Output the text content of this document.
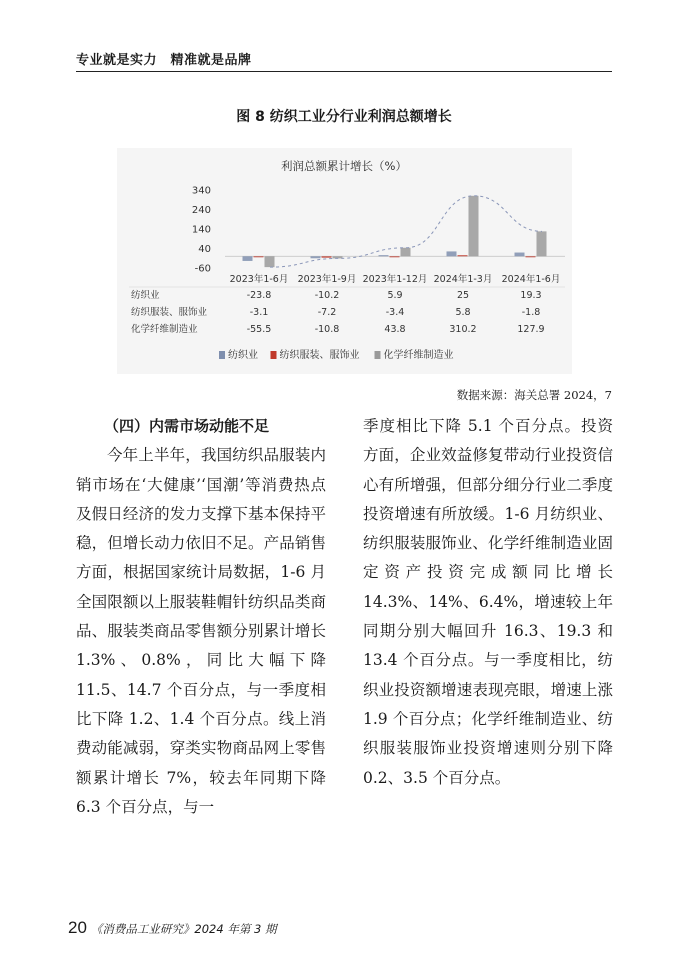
专业就是实力　精准就是品牌
图 8 纺织工业分行业利润总额增长
利润总额累计增长（%）
340
240
140
40
-60
2023年1-6月 2023年1-9月 2023年1-12月 2024年1-3月 2024年1-6月
纺织业	-23.8	-10.2	5.9	25	19.3
纺织服装、服饰业	-3.1	-7.2	-3.4	5.8	-1.8
化学纤维制造业	-55.5	-10.8	43.8	310.2	127.9
纺织业 纺织服装、服饰业 化学纤维制造业
数据来源：海关总署 2024，7

（四）内需市场动能不足

今年上半年，我国纺织品服装内销市场在‘大健康’‘国潮’等消费热点及假日经济的发力支撑下基本保持平稳，但增长动力依旧不足。产品销售方面，根据国家统计局数据，1-6 月全国限额以上服装鞋帽针纺织品类商品、服装类商品零售额分别累计增长 1.3%、0.8%，同比大幅下降 11.5、14.7 个百分点，与一季度相比下降 1.2、1.4 个百分点。线上消费动能减弱，穿类实物商品网上零售额累计增长 7%，较去年同期下降 6.3 个百分点，与一

季度相比下降 5.1 个百分点。投资方面，企业效益修复带动行业投资信心有所增强，但部分细分行业二季度投资增速有所放缓。1-6 月纺织业、纺织服装服饰业、化学纤维制造业固定资产投资完成额同比增长 14.3%、14%、6.4%，增速较上年同期分别大幅回升 16.3、19.3 和 13.4 个百分点。与一季度相比，纺织业投资额增速表现亮眼，增速上涨 1.9 个百分点；化学纤维制造业、纺织服装服饰业投资增速则分别下降 0.2、3.5 个百分点。

20 《消费品工业研究》2024 年第 3 期
